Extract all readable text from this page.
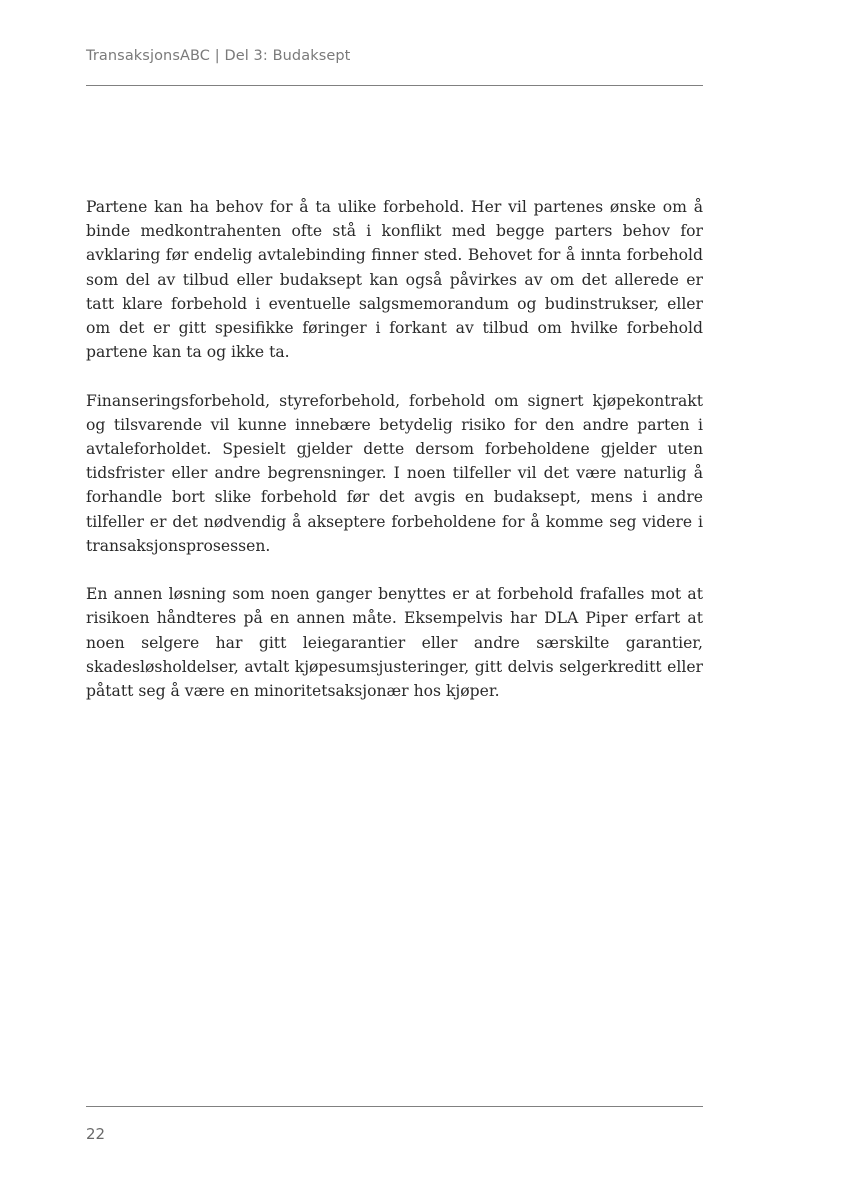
TransaksjonsABC | Del 3: Budaksept

Partene kan ha behov for å ta ulike forbehold. Her vil partenes ønske om å binde medkontrahenten ofte stå i konflikt med begge parters behov for avklaring før endelig avtalebinding finner sted. Behovet for å innta forbehold som del av tilbud eller budaksept kan også påvirkes av om det allerede er tatt klare forbehold i eventuelle salgsmemorandum og budinstrukser, eller om det er gitt spesifikke føringer i forkant av tilbud om hvilke forbehold partene kan ta og ikke ta.

Finanseringsforbehold, styreforbehold, forbehold om signert kjøpekontrakt og tilsvarende vil kunne innebære betydelig risiko for den andre parten i avtaleforholdet. Spesielt gjelder dette dersom forbeholdene gjelder uten tidsfrister eller andre begrensninger. I noen tilfeller vil det være naturlig å forhandle bort slike forbehold før det avgis en budaksept, mens i andre tilfeller er det nødvendig å akseptere forbeholdene for å komme seg videre i transaksjonsprosessen.

En annen løsning som noen ganger benyttes er at forbehold frafalles mot at risikoen håndteres på en annen måte. Eksempelvis har DLA Piper erfart at noen selgere har gitt leiegarantier eller andre særskilte garantier, skadesløsholdelser, avtalt kjøpesumsjusteringer, gitt delvis selgerkreditt eller påtatt seg å være en minoritetsaksjonær hos kjøper.

22
